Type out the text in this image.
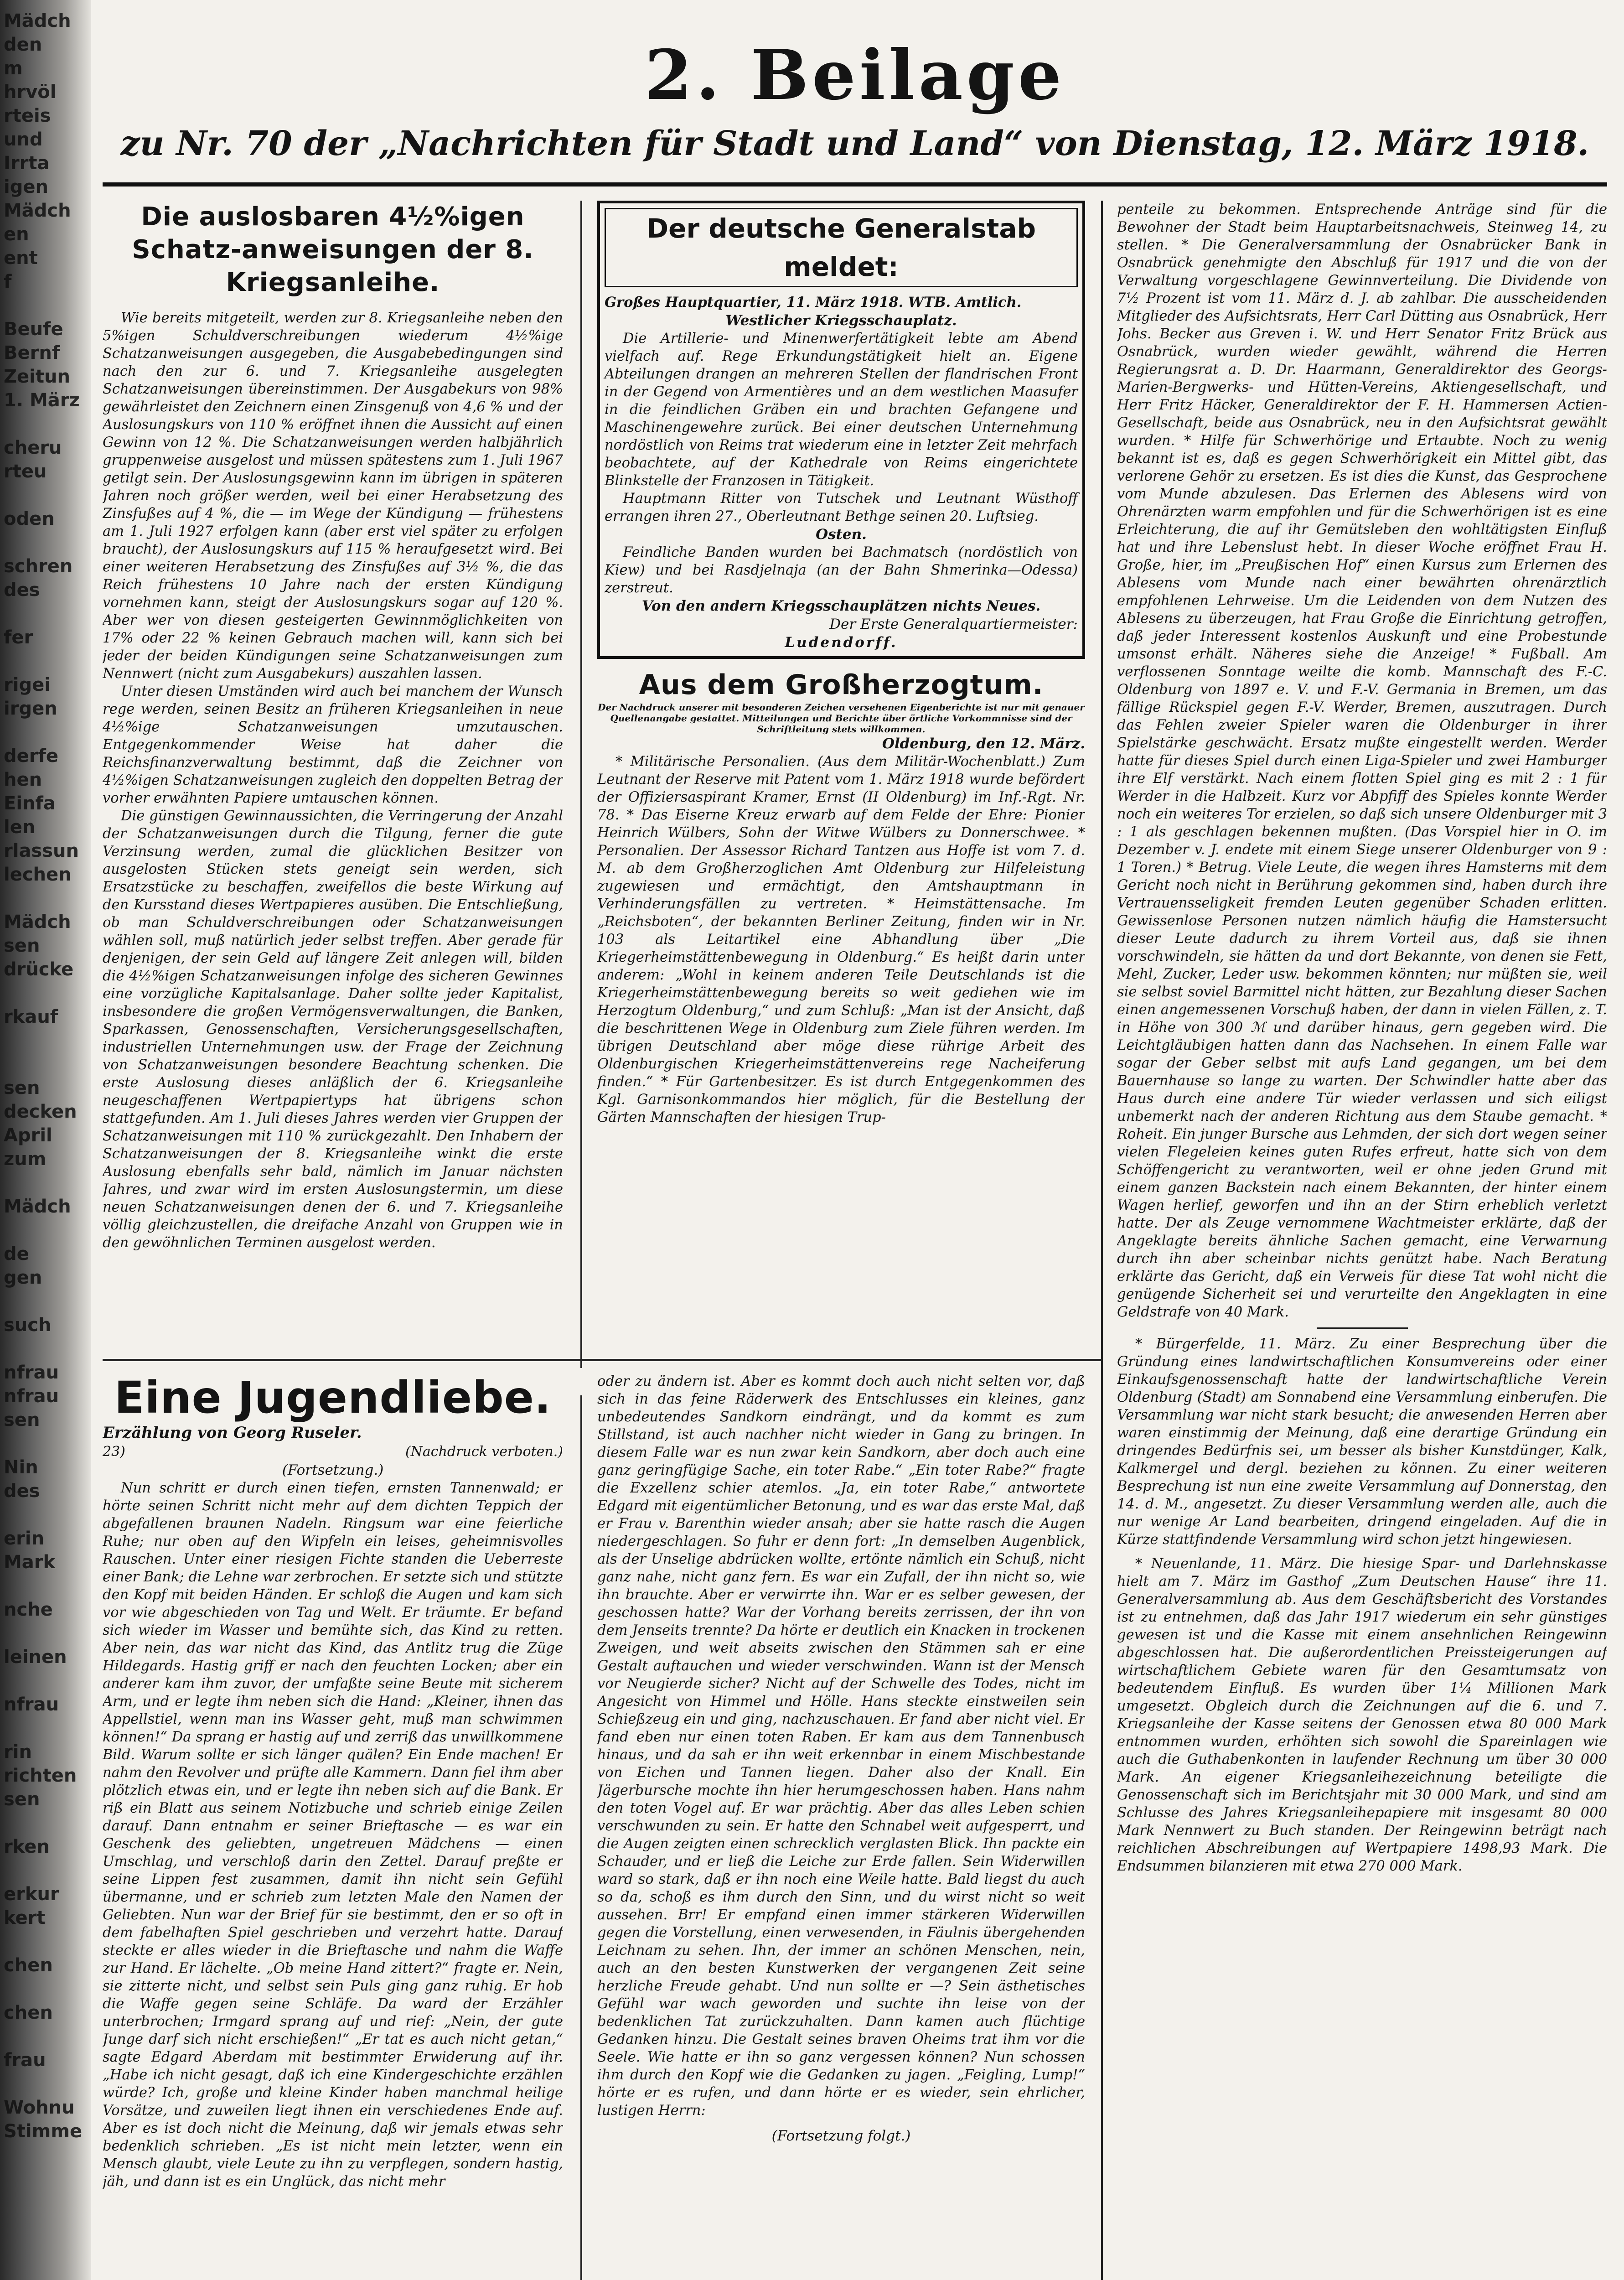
Mädch
den
m
hrvöl
rteis
und
Irrta
igen
Mädch
en
ent
f

Beufe
Bernf
Zeitun
1. März

cheru
rteu

oden

schren
des

fer

rigei
irgen

derfe
hen
Einfa
len
rlassun
lechen

Mädch
sen
drücke

rkauf

sen
decken
April
zum

Mädch

de
gen

such

nfrau
nfrau
sen

Nin
des

erin
Mark

nche

leinen

nfrau

rin
richten
sen

rken

erkur
kert

chen

chen

frau

Wohnu
Stimme
2. Beilage
zu Nr. 70 der „Nachrichten für Stadt und Land“ von Dienstag, 12. März 1918.
Die auslosbaren 4½%igen Schatz-anweisungen der 8. Kriegsanleihe.

Wie bereits mitgeteilt, werden zur 8. Kriegsanleihe neben den 5%igen Schuldverschreibungen wiederum 4½%ige Schatzanweisungen ausgegeben, die Ausgabebedingungen sind nach den zur 6. und 7. Kriegsanleihe ausgelegten Schatzanweisungen übereinstimmen. Der Ausgabekurs von 98% gewährleistet den Zeichnern einen Zinsgenuß von 4,6 % und der Auslosungskurs von 110 % eröffnet ihnen die Aussicht auf einen Gewinn von 12 %. Die Schatzanweisungen werden halbjährlich gruppenweise ausgelost und müssen spätestens zum 1. Juli 1967 getilgt sein. Der Auslosungsgewinn kann im übrigen in späteren Jahren noch größer werden, weil bei einer Herabsetzung des Zinsfußes auf 4 %, die — im Wege der Kündigung — frühestens am 1. Juli 1927 erfolgen kann (aber erst viel später zu erfolgen braucht), der Auslosungskurs auf 115 % heraufgesetzt wird. Bei einer weiteren Herabsetzung des Zinsfußes auf 3½ %, die das Reich frühestens 10 Jahre nach der ersten Kündigung vornehmen kann, steigt der Auslosungskurs sogar auf 120 %. Aber wer von diesen gesteigerten Gewinnmöglichkeiten von 17% oder 22 % keinen Gebrauch machen will, kann sich bei jeder der beiden Kündigungen seine Schatzanweisungen zum Nennwert (nicht zum Ausgabekurs) auszahlen lassen.

Unter diesen Umständen wird auch bei manchem der Wunsch rege werden, seinen Besitz an früheren Kriegsanleihen in neue 4½%ige Schatzanweisungen umzutauschen. Entgegenkommender Weise hat daher die Reichsfinanzverwaltung bestimmt, daß die Zeichner von 4½%igen Schatzanweisungen zugleich den doppelten Betrag der vorher erwähnten Papiere umtauschen können.

Die günstigen Gewinnaussichten, die Verringerung der Anzahl der Schatzanweisungen durch die Tilgung, ferner die gute Verzinsung werden, zumal die glücklichen Besitzer von ausgelosten Stücken stets geneigt sein werden, sich Ersatzstücke zu beschaffen, zweifellos die beste Wirkung auf den Kursstand dieses Wertpapieres ausüben. Die Entschließung, ob man Schuldverschreibungen oder Schatzanweisungen wählen soll, muß natürlich jeder selbst treffen. Aber gerade für denjenigen, der sein Geld auf längere Zeit anlegen will, bilden die 4½%igen Schatzanweisungen infolge des sicheren Gewinnes eine vorzügliche Kapitalsanlage. Daher sollte jeder Kapitalist, insbesondere die großen Vermögensverwaltungen, die Banken, Sparkassen, Genossenschaften, Versicherungsgesellschaften, industriellen Unternehmungen usw. der Frage der Zeichnung von Schatzanweisungen besondere Beachtung schenken. Die erste Auslosung dieses anläßlich der 6. Kriegsanleihe neugeschaffenen Wertpapiertyps hat übrigens schon stattgefunden. Am 1. Juli dieses Jahres werden vier Gruppen der Schatzanweisungen mit 110 % zurückgezahlt. Den Inhabern der Schatzanweisungen der 8. Kriegsanleihe winkt die erste Auslosung ebenfalls sehr bald, nämlich im Januar nächsten Jahres, und zwar wird im ersten Auslosungstermin, um diese neuen Schatzanweisungen denen der 6. und 7. Kriegsanleihe völlig gleichzustellen, die dreifache Anzahl von Gruppen wie in den gewöhnlichen Terminen ausgelost werden.

Der deutsche Generalstab meldet:

Großes Hauptquartier, 11. März 1918. WTB. Amtlich.

Westlicher Kriegsschauplatz.

Die Artillerie- und Minenwerfertätigkeit lebte am Abend vielfach auf. Rege Erkundungstätigkeit hielt an. Eigene Abteilungen drangen an mehreren Stellen der flandrischen Front in der Gegend von Armentières und an dem westlichen Maasufer in die feindlichen Gräben ein und brachten Gefangene und Maschinengewehre zurück. Bei einer deutschen Unternehmung nordöstlich von Reims trat wiederum eine in letzter Zeit mehrfach beobachtete, auf der Kathedrale von Reims eingerichtete Blinkstelle der Franzosen in Tätigkeit.

Hauptmann Ritter von Tutschek und Leutnant Wüsthoff errangen ihren 27., Oberleutnant Bethge seinen 20. Luftsieg.

Osten.

Feindliche Banden wurden bei Bachmatsch (nordöstlich von Kiew) und bei Rasdjelnaja (an der Bahn Shmerinka—Odessa) zerstreut.

Von den andern Kriegsschauplätzen nichts Neues.
Der Erste Generalquartiermeister:
Ludendorff.
Aus dem Großherzogtum.
Der Nachdruck unserer mit besonderen Zeichen versehenen Eigenberichte ist nur mit genauer Quellenangabe gestattet. Mitteilungen und Berichte über örtliche Vorkommnisse sind der Schriftleitung stets willkommen.
Oldenburg, den 12. März.

* Militärische Personalien. (Aus dem Militär-Wochenblatt.) Zum Leutnant der Reserve mit Patent vom 1. März 1918 wurde befördert der Offiziersaspirant Kramer, Ernst (II Oldenburg) im Inf.-Rgt. Nr. 78. * Das Eiserne Kreuz erwarb auf dem Felde der Ehre: Pionier Heinrich Wülbers, Sohn der Witwe Wülbers zu Donnerschwee. * Personalien. Der Assessor Richard Tantzen aus Hoffe ist vom 7. d. M. ab dem Großherzoglichen Amt Oldenburg zur Hilfeleistung zugewiesen und ermächtigt, den Amtshauptmann in Verhinderungsfällen zu vertreten. * Heimstättensache. Im „Reichsboten“, der bekannten Berliner Zeitung, finden wir in Nr. 103 als Leitartikel eine Abhandlung über „Die Kriegerheimstättenbewegung in Oldenburg.“ Es heißt darin unter anderem: „Wohl in keinem anderen Teile Deutschlands ist die Kriegerheimstättenbewegung bereits so weit gediehen wie im Herzogtum Oldenburg,“ und zum Schluß: „Man ist der Ansicht, daß die beschrittenen Wege in Oldenburg zum Ziele führen werden. Im übrigen Deutschland aber möge diese rührige Arbeit des Oldenburgischen Kriegerheimstättenvereins rege Nacheiferung finden.“ * Für Gartenbesitzer. Es ist durch Entgegenkommen des Kgl. Garnisonkommandos hier möglich, für die Bestellung der Gärten Mannschaften der hiesigen Trup-

penteile zu bekommen. Entsprechende Anträge sind für die Bewohner der Stadt beim Hauptarbeitsnachweis, Steinweg 14, zu stellen. * Die Generalversammlung der Osnabrücker Bank in Osnabrück genehmigte den Abschluß für 1917 und die von der Verwaltung vorgeschlagene Gewinnverteilung. Die Dividende von 7½ Prozent ist vom 11. März d. J. ab zahlbar. Die ausscheidenden Mitglieder des Aufsichtsrats, Herr Carl Dütting aus Osnabrück, Herr Johs. Becker aus Greven i. W. und Herr Senator Fritz Brück aus Osnabrück, wurden wieder gewählt, während die Herren Regierungsrat a. D. Dr. Haarmann, Generaldirektor des Georgs-Marien-Bergwerks- und Hütten-Vereins, Aktiengesellschaft, und Herr Fritz Häcker, Generaldirektor der F. H. Hammersen Actien-Gesellschaft, beide aus Osnabrück, neu in den Aufsichtsrat gewählt wurden. * Hilfe für Schwerhörige und Ertaubte. Noch zu wenig bekannt ist es, daß es gegen Schwerhörigkeit ein Mittel gibt, das verlorene Gehör zu ersetzen. Es ist dies die Kunst, das Gesprochene vom Munde abzulesen. Das Erlernen des Ablesens wird von Ohrenärzten warm empfohlen und für die Schwerhörigen ist es eine Erleichterung, die auf ihr Gemütsleben den wohltätigsten Einfluß hat und ihre Lebenslust hebt. In dieser Woche eröffnet Frau H. Große, hier, im „Preußischen Hof“ einen Kursus zum Erlernen des Ablesens vom Munde nach einer bewährten ohrenärztlich empfohlenen Lehrweise. Um die Leidenden von dem Nutzen des Ablesens zu überzeugen, hat Frau Große die Einrichtung getroffen, daß jeder Interessent kostenlos Auskunft und eine Probestunde umsonst erhält. Näheres siehe die Anzeige! * Fußball. Am verflossenen Sonntage weilte die komb. Mannschaft des F.-C. Oldenburg von 1897 e. V. und F.-V. Germania in Bremen, um das fällige Rückspiel gegen F.-V. Werder, Bremen, auszutragen. Durch das Fehlen zweier Spieler waren die Oldenburger in ihrer Spielstärke geschwächt. Ersatz mußte eingestellt werden. Werder hatte für dieses Spiel durch einen Liga-Spieler und zwei Hamburger ihre Elf verstärkt. Nach einem flotten Spiel ging es mit 2 : 1 für Werder in die Halbzeit. Kurz vor Abpfiff des Spieles konnte Werder noch ein weiteres Tor erzielen, so daß sich unsere Oldenburger mit 3 : 1 als geschlagen bekennen mußten. (Das Vorspiel hier in O. im Dezember v. J. endete mit einem Siege unserer Oldenburger von 9 : 1 Toren.) * Betrug. Viele Leute, die wegen ihres Hamsterns mit dem Gericht noch nicht in Berührung gekommen sind, haben durch ihre Vertrauensseligkeit fremden Leuten gegenüber Schaden erlitten. Gewissenlose Personen nutzen nämlich häufig die Hamstersucht dieser Leute dadurch zu ihrem Vorteil aus, daß sie ihnen vorschwindeln, sie hätten da und dort Bekannte, von denen sie Fett, Mehl, Zucker, Leder usw. bekommen könnten; nur müßten sie, weil sie selbst soviel Barmittel nicht hätten, zur Bezahlung dieser Sachen einen angemessenen Vorschuß haben, der dann in vielen Fällen, z. T. in Höhe von 300 ℳ und darüber hinaus, gern gegeben wird. Die Leichtgläubigen hatten dann das Nachsehen. In einem Falle war sogar der Geber selbst mit aufs Land gegangen, um bei dem Bauernhause so lange zu warten. Der Schwindler hatte aber das Haus durch eine andere Tür wieder verlassen und sich eiligst unbemerkt nach der anderen Richtung aus dem Staube gemacht. * Roheit. Ein junger Bursche aus Lehmden, der sich dort wegen seiner vielen Flegeleien keines guten Rufes erfreut, hatte sich von dem Schöffengericht zu verantworten, weil er ohne jeden Grund mit einem ganzen Backstein nach einem Bekannten, der hinter einem Wagen herlief, geworfen und ihn an der Stirn erheblich verletzt hatte. Der als Zeuge vernommene Wachtmeister erklärte, daß der Angeklagte bereits ähnliche Sachen gemacht, eine Verwarnung durch ihn aber scheinbar nichts genützt habe. Nach Beratung erklärte das Gericht, daß ein Verweis für diese Tat wohl nicht die genügende Sicherheit sei und verurteilte den Angeklagten in eine Geldstrafe von 40 Mark.

* Bürgerfelde, 11. März. Zu einer Besprechung über die Gründung eines landwirtschaftlichen Konsumvereins oder einer Einkaufsgenossenschaft hatte der landwirtschaftliche Verein Oldenburg (Stadt) am Sonnabend eine Versammlung einberufen. Die Versammlung war nicht stark besucht; die anwesenden Herren aber waren einstimmig der Meinung, daß eine derartige Gründung ein dringendes Bedürfnis sei, um besser als bisher Kunstdünger, Kalk, Kalkmergel und dergl. beziehen zu können. Zu einer weiteren Besprechung ist nun eine zweite Versammlung auf Donnerstag, den 14. d. M., angesetzt. Zu dieser Versammlung werden alle, auch die nur wenige Ar Land bearbeiten, dringend eingeladen. Auf die in Kürze stattfindende Versammlung wird schon jetzt hingewiesen.

* Neuenlande, 11. März. Die hiesige Spar- und Darlehnskasse hielt am 7. März im Gasthof „Zum Deutschen Hause“ ihre 11. Generalversammlung ab. Aus dem Geschäftsbericht des Vorstandes ist zu entnehmen, daß das Jahr 1917 wiederum ein sehr günstiges gewesen ist und die Kasse mit einem ansehnlichen Reingewinn abgeschlossen hat. Die außerordentlichen Preissteigerungen auf wirtschaftlichem Gebiete waren für den Gesamtumsatz von bedeutendem Einfluß. Es wurden über 1¼ Millionen Mark umgesetzt. Obgleich durch die Zeichnungen auf die 6. und 7. Kriegsanleihe der Kasse seitens der Genossen etwa 80 000 Mark entnommen wurden, erhöhten sich sowohl die Spareinlagen wie auch die Guthabenkonten in laufender Rechnung um über 30 000 Mark. An eigener Kriegsanleihezeichnung beteiligte die Genossenschaft sich im Berichtsjahr mit 30 000 Mark, und sind am Schlusse des Jahres Kriegsanleihepapiere mit insgesamt 80 000 Mark Nennwert zu Buch standen. Der Reingewinn beträgt nach reichlichen Abschreibungen auf Wertpapiere 1498,93 Mark. Die Endsummen bilanzieren mit etwa 270 000 Mark.

Eine Jugendliebe.
Erzählung von Georg Ruseler.
23)	(Nachdruck verboten.)
(Fortsetzung.)

Nun schritt er durch einen tiefen, ernsten Tannenwald; er hörte seinen Schritt nicht mehr auf dem dichten Teppich der abgefallenen braunen Nadeln. Ringsum war eine feierliche Ruhe; nur oben auf den Wipfeln ein leises, geheimnisvolles Rauschen. Unter einer riesigen Fichte standen die Ueberreste einer Bank; die Lehne war zerbrochen. Er setzte sich und stützte den Kopf mit beiden Händen. Er schloß die Augen und kam sich vor wie abgeschieden von Tag und Welt. Er träumte. Er befand sich wieder im Wasser und bemühte sich, das Kind zu retten. Aber nein, das war nicht das Kind, das Antlitz trug die Züge Hildegards. Hastig griff er nach den feuchten Locken; aber ein anderer kam ihm zuvor, der umfaßte seine Beute mit sicherem Arm, und er legte ihm neben sich die Hand: „Kleiner, ihnen das Appellstiel, wenn man ins Wasser geht, muß man schwimmen können!“ Da sprang er hastig auf und zerriß das unwillkommene Bild. Warum sollte er sich länger quälen? Ein Ende machen! Er nahm den Revolver und prüfte alle Kammern. Dann fiel ihm aber plötzlich etwas ein, und er legte ihn neben sich auf die Bank. Er riß ein Blatt aus seinem Notizbuche und schrieb einige Zeilen darauf. Dann entnahm er seiner Brieftasche — es war ein Geschenk des geliebten, ungetreuen Mädchens — einen Umschlag, und verschloß darin den Zettel. Darauf preßte er seine Lippen fest zusammen, damit ihn nicht sein Gefühl übermanne, und er schrieb zum letzten Male den Namen der Geliebten. Nun war der Brief für sie bestimmt, den er so oft in dem fabelhaften Spiel geschrieben und verzehrt hatte. Darauf steckte er alles wieder in die Brieftasche und nahm die Waffe zur Hand. Er lächelte. „Ob meine Hand zittert?“ fragte er. Nein, sie zitterte nicht, und selbst sein Puls ging ganz ruhig. Er hob die Waffe gegen seine Schläfe. Da ward der Erzähler unterbrochen; Irmgard sprang auf und rief: „Nein, der gute Junge darf sich nicht erschießen!“ „Er tat es auch nicht getan,“ sagte Edgard Aberdam mit bestimmter Erwiderung auf ihr. „Habe ich nicht gesagt, daß ich eine Kindergeschichte erzählen würde? Ich, große und kleine Kinder haben manchmal heilige Vorsätze, und zuweilen liegt ihnen ein verschiedenes Ende auf. Aber es ist doch nicht die Meinung, daß wir jemals etwas sehr bedenklich schrieben. „Es ist nicht mein letzter, wenn ein Mensch glaubt, viele Leute zu ihn zu verpflegen, sondern hastig, jäh, und dann ist es ein Unglück, das nicht mehr

oder zu ändern ist. Aber es kommt doch auch nicht selten vor, daß sich in das feine Räderwerk des Entschlusses ein kleines, ganz unbedeutendes Sandkorn eindrängt, und da kommt es zum Stillstand, ist auch nachher nicht wieder in Gang zu bringen. In diesem Falle war es nun zwar kein Sandkorn, aber doch auch eine ganz geringfügige Sache, ein toter Rabe.“ „Ein toter Rabe?“ fragte die Exzellenz schier atemlos. „Ja, ein toter Rabe,“ antwortete Edgard mit eigentümlicher Betonung, und es war das erste Mal, daß er Frau v. Barenthin wieder ansah; aber sie hatte rasch die Augen niedergeschlagen. So fuhr er denn fort: „In demselben Augenblick, als der Unselige abdrücken wollte, ertönte nämlich ein Schuß, nicht ganz nahe, nicht ganz fern. Es war ein Zufall, der ihn nicht so, wie ihn brauchte. Aber er verwirrte ihn. War er es selber gewesen, der geschossen hatte? War der Vorhang bereits zerrissen, der ihn von dem Jenseits trennte? Da hörte er deutlich ein Knacken in trockenen Zweigen, und weit abseits zwischen den Stämmen sah er eine Gestalt auftauchen und wieder verschwinden. Wann ist der Mensch vor Neugierde sicher? Nicht auf der Schwelle des Todes, nicht im Angesicht von Himmel und Hölle. Hans steckte einstweilen sein Schießzeug ein und ging, nachzuschauen. Er fand aber nicht viel. Er fand eben nur einen toten Raben. Er kam aus dem Tannenbusch hinaus, und da sah er ihn weit erkennbar in einem Mischbestande von Eichen und Tannen liegen. Daher also der Knall. Ein Jägerbursche mochte ihn hier herumgeschossen haben. Hans nahm den toten Vogel auf. Er war prächtig. Aber das alles Leben schien verschwunden zu sein. Er hatte den Schnabel weit aufgesperrt, und die Augen zeigten einen schrecklich verglasten Blick. Ihn packte ein Schauder, und er ließ die Leiche zur Erde fallen. Sein Widerwillen ward so stark, daß er ihn noch eine Weile hatte. Bald liegst du auch so da, schoß es ihm durch den Sinn, und du wirst nicht so weit aussehen. Brr! Er empfand einen immer stärkeren Widerwillen gegen die Vorstellung, einen verwesenden, in Fäulnis übergehenden Leichnam zu sehen. Ihn, der immer an schönen Menschen, nein, auch an den besten Kunstwerken der vergangenen Zeit seine herzliche Freude gehabt. Und nun sollte er —? Sein ästhetisches Gefühl war wach geworden und suchte ihn leise von der bedenklichen Tat zurückzuhalten. Dann kamen auch flüchtige Gedanken hinzu. Die Gestalt seines braven Oheims trat ihm vor die Seele. Wie hatte er ihn so ganz vergessen können? Nun schossen ihm durch den Kopf wie die Gedanken zu jagen. „Feigling, Lump!“ hörte er es rufen, und dann hörte er es wieder, sein ehrlicher, lustigen Herrn:

(Fortsetzung folgt.)
